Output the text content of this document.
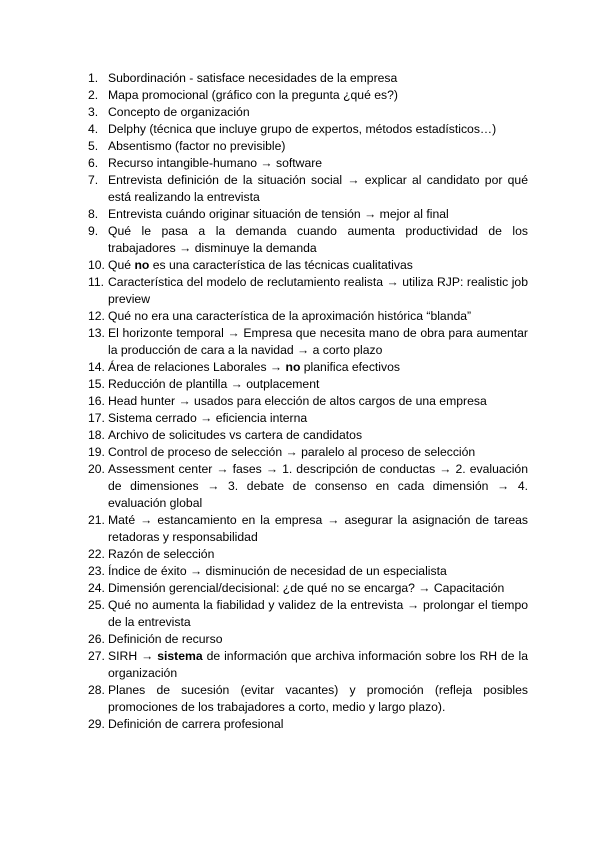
1. Subordinación - satisface necesidades de la empresa
2. Mapa promocional (gráfico con la pregunta ¿qué es?)
3. Concepto de organización
4. Delphy (técnica que incluye grupo de expertos, métodos estadísticos…)
5. Absentismo (factor no previsible)
6. Recurso intangible-humano → software
7. Entrevista definición de la situación social → explicar al candidato por qué está realizando la entrevista
8. Entrevista cuándo originar situación de tensión → mejor al final
9. Qué le pasa a la demanda cuando aumenta productividad de los trabajadores → disminuye la demanda
10. Qué no es una característica de las técnicas cualitativas
11. Característica del modelo de reclutamiento realista → utiliza RJP: realistic job preview
12. Qué no era una característica de la aproximación histórica “blanda”
13. El horizonte temporal → Empresa que necesita mano de obra para aumentar la producción de cara a la navidad → a corto plazo
14. Área de relaciones Laborales → no planifica efectivos
15. Reducción de plantilla → outplacement
16. Head hunter → usados para elección de altos cargos de una empresa
17. Sistema cerrado → eficiencia interna
18. Archivo de solicitudes vs cartera de candidatos
19. Control de proceso de selección → paralelo al proceso de selección
20. Assessment center → fases → 1. descripción de conductas → 2. evaluación de dimensiones → 3. debate de consenso en cada dimensión → 4. evaluación global
21. Maté → estancamiento en la empresa → asegurar la asignación de tareas retadoras y responsabilidad
22. Razón de selección
23. Índice de éxito → disminución de necesidad de un especialista
24. Dimensión gerencial/decisional: ¿de qué no se encarga? → Capacitación
25. Qué no aumenta la fiabilidad y validez de la entrevista → prolongar el tiempo de la entrevista
26. Definición de recurso
27. SIRH → sistema de información que archiva información sobre los RH de la organización
28. Planes de sucesión (evitar vacantes) y promoción (refleja posibles promociones de los trabajadores a corto, medio y largo plazo).
29. Definición de carrera profesional
